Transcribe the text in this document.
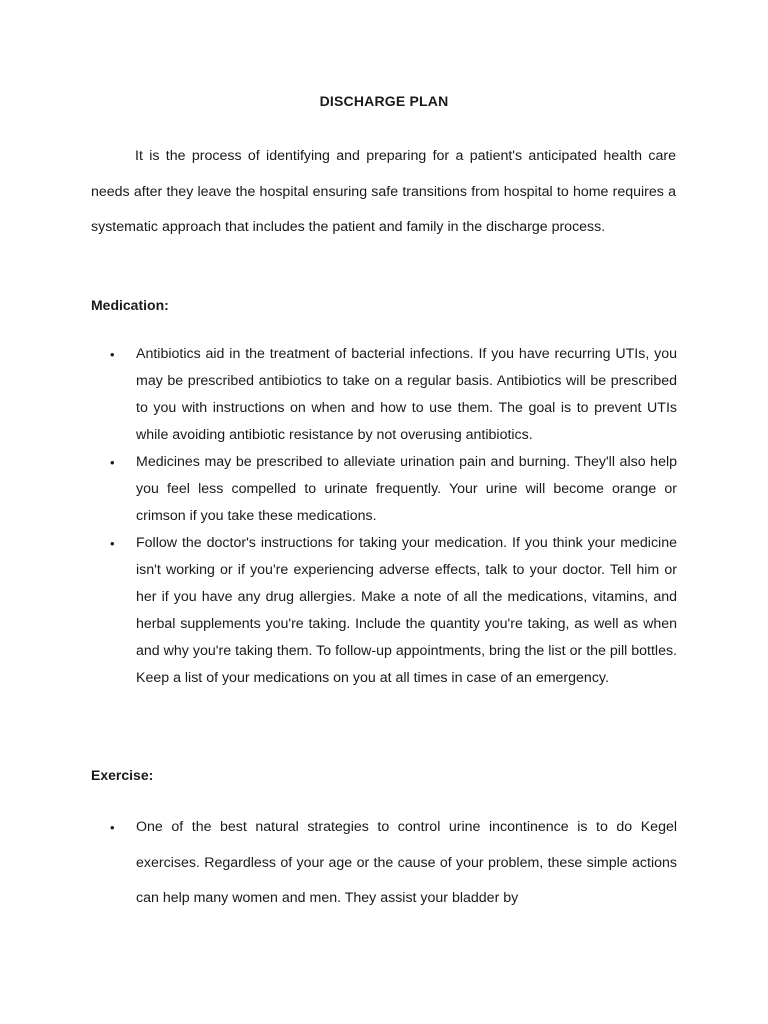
DISCHARGE PLAN

It is the process of identifying and preparing for a patient's anticipated health care needs after they leave the hospital ensuring safe transitions from hospital to home requires a systematic approach that includes the patient and family in the discharge process.

Medication:

• Antibiotics aid in the treatment of bacterial infections. If you have recurring UTIs, you may be prescribed antibiotics to take on a regular basis. Antibiotics will be prescribed to you with instructions on when and how to use them. The goal is to prevent UTIs while avoiding antibiotic resistance by not overusing antibiotics.
• Medicines may be prescribed to alleviate urination pain and burning. They'll also help you feel less compelled to urinate frequently. Your urine will become orange or crimson if you take these medications.
• Follow the doctor's instructions for taking your medication. If you think your medicine isn't working or if you're experiencing adverse effects, talk to your doctor. Tell him or her if you have any drug allergies. Make a note of all the medications, vitamins, and herbal supplements you're taking. Include the quantity you're taking, as well as when and why you're taking them. To follow-up appointments, bring the list or the pill bottles. Keep a list of your medications on you at all times in case of an emergency.

Exercise:

• One of the best natural strategies to control urine incontinence is to do Kegel exercises. Regardless of your age or the cause of your problem, these simple actions can help many women and men. They assist your bladder by
